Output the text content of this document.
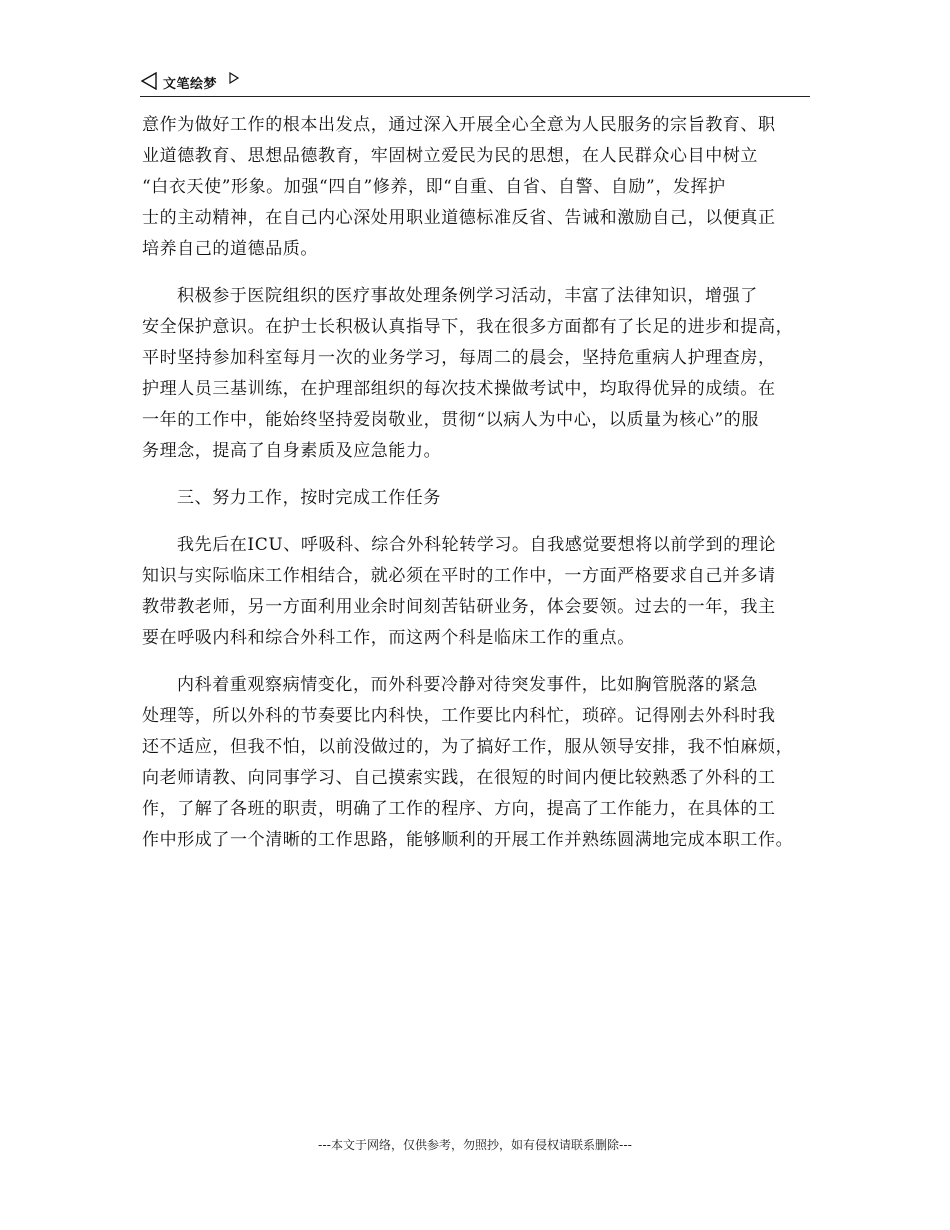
文笔绘梦
意作为做好工作的根本出发点，通过深入开展全心全意为人民服务的宗旨教育、职
业道德教育、思想品德教育，牢固树立爱民为民的思想，在人民群众心目中树立
“白衣天使”形象。加强“四自”修养，即“自重、自省、自警、自励”，发挥护
士的主动精神，在自己内心深处用职业道德标准反省、告诫和激励自己，以便真正
培养自己的道德品质。
积极参于医院组织的医疗事故处理条例学习活动，丰富了法律知识，增强了
安全保护意识。在护士长积极认真指导下，我在很多方面都有了长足的进步和提高，
平时坚持参加科室每月一次的业务学习，每周二的晨会，坚持危重病人护理查房，
护理人员三基训练，在护理部组织的每次技术操做考试中，均取得优异的成绩。在
一年的工作中，能始终坚持爱岗敬业，贯彻“以病人为中心，以质量为核心”的服
务理念，提高了自身素质及应急能力。
三、努力工作，按时完成工作任务
我先后在ICU、呼吸科、综合外科轮转学习。自我感觉要想将以前学到的理论
知识与实际临床工作相结合，就必须在平时的工作中，一方面严格要求自己并多请
教带教老师，另一方面利用业余时间刻苦钻研业务，体会要领。过去的一年，我主
要在呼吸内科和综合外科工作，而这两个科是临床工作的重点。
内科着重观察病情变化，而外科要冷静对待突发事件，比如胸管脱落的紧急
处理等，所以外科的节奏要比内科快，工作要比内科忙，琐碎。记得刚去外科时我
还不适应，但我不怕，以前没做过的，为了搞好工作，服从领导安排，我不怕麻烦，
向老师请教、向同事学习、自己摸索实践，在很短的时间内便比较熟悉了外科的工
作，了解了各班的职责，明确了工作的程序、方向，提高了工作能力，在具体的工
作中形成了一个清晰的工作思路，能够顺利的开展工作并熟练圆满地完成本职工作。
---本文于网络，仅供参考，勿照抄，如有侵权请联系删除---
